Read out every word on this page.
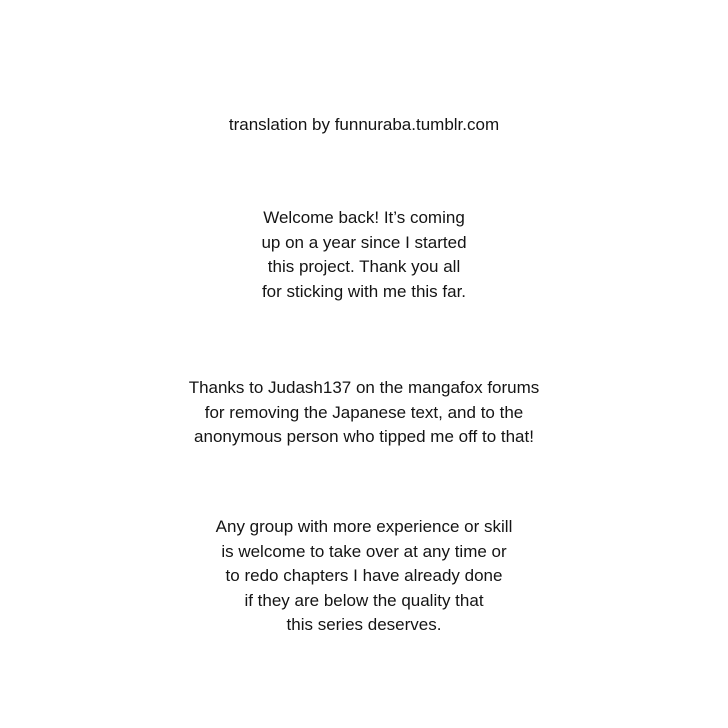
translation by funnuraba.tumblr.com
Welcome back! It’s coming
up on a year since I started
this project. Thank you all
for sticking with me this far.
Thanks to Judash137 on the mangafox forums
for removing the Japanese text, and to the
anonymous person who tipped me off to that!
Any group with more experience or skill
is welcome to take over at any time or
to redo chapters I have already done
if they are below the quality that
this series deserves.
